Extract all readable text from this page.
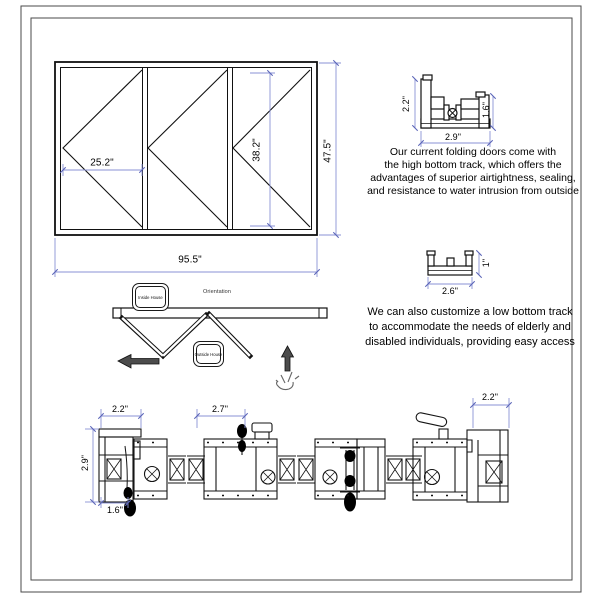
25.2"
38.2"	47.5"
95.5"
2.2"	1.6"
2.9"
1"
2.6"
Our current folding doors come with
the high bottom track, which offers the
advantages of superior airtightness, sealing,
and resistance to water intrusion from outside
We can also customize a low bottom track
to accommodate the needs of elderly and
disabled individuals, providing easy access
Orientation
Inside House
Outside House
2.2"
2.9"
1.6"
2.7"
2.2"
